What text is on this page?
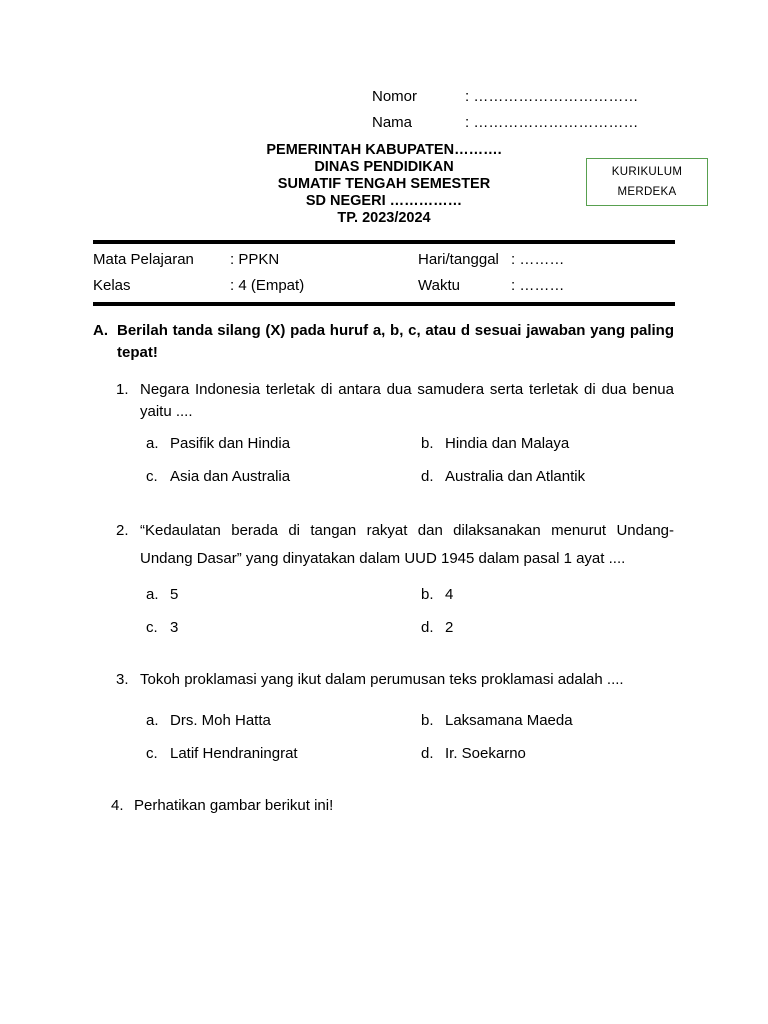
Nomor	: ……………………………
Nama	: ……………………………
PEMERINTAH KABUPATEN……….
DINAS PENDIDIKAN
SUMATIF TENGAH SEMESTER
SD NEGERI ……………
TP. 2023/2024
KURIKULUM
MERDEKA
Mata Pelajaran : PPKN	Hari/tanggal : ………
Kelas	: 4 (Empat)	Waktu	: ………
A. Berilah tanda silang (X) pada huruf a, b, c, atau d sesuai jawaban yang paling tepat!
1. Negara Indonesia terletak di antara dua samudera serta terletak di dua benua yaitu ....
a. Pasifik dan Hindia	b. Hindia dan Malaya
c. Asia dan Australia	d. Australia dan Atlantik
2. “Kedaulatan berada di tangan rakyat dan dilaksanakan menurut Undang-Undang Dasar” yang dinyatakan dalam UUD 1945 dalam pasal 1 ayat ....
a. 5	b. 4
c. 3	d. 2
3. Tokoh proklamasi yang ikut dalam perumusan teks proklamasi adalah ....
a. Drs. Moh Hatta	b. Laksamana Maeda
c. Latif Hendraningrat	d. Ir. Soekarno
4. Perhatikan gambar berikut ini!
